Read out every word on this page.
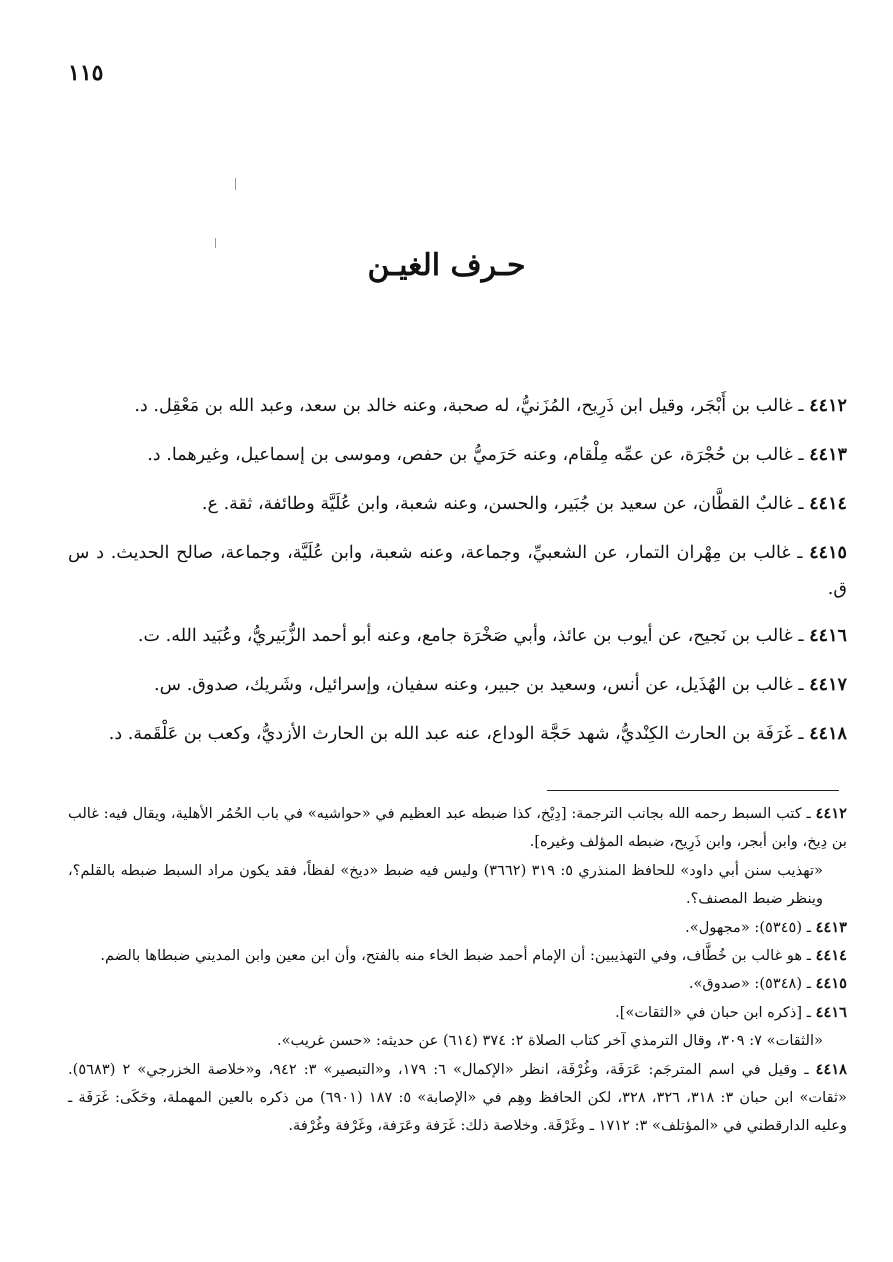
١١٥
حـرف الغيـن
٤٤١٢ ـ غالب بن أَبْجَر، وقيل ابن ذَرِيح، المُزَنيُّ، له صحبة، وعنه خالد بن سعد، وعبد الله بن مَعْقِل. د.
٤٤١٣ ـ غالب بن حُجْرَة، عن عمِّه مِلْقام، وعنه حَرَميُّ بن حفص، وموسى بن إسماعيل، وغيرهما. د.
٤٤١٤ ـ غالبٌ القطَّان، عن سعيد بن جُبَير، والحسن، وعنه شعبة، وابن عُلَيَّة وطائفة، ثقة. ع.
٤٤١٥ ـ غالب بن مِهْران التمار، عن الشعبيِّ، وجماعة، وعنه شعبة، وابن عُلَيَّة، وجماعة، صالح الحديث. د س ق.
٤٤١٦ ـ غالب بن نَجيح، عن أيوب بن عائذ، وأبي صَخْرَة جامع، وعنه أبو أحمد الزُّبَيريُّ، وعُبَيد الله. ت.
٤٤١٧ ـ غالب بن الهُذَيل، عن أنس، وسعيد بن جبير، وعنه سفيان، وإسرائيل، وشَريك، صدوق. س.
٤٤١٨ ـ غَرَفَة بن الحارث الكِنْديُّ، شهد حَجَّة الوداع، عنه عبد الله بن الحارث الأزديُّ، وكعب بن عَلْقَمة. د.
٤٤١٢ ـ كتب السبط رحمه الله بجانب الترجمة: [دِيْخ، كذا ضبطه عبد العظيم في «حواشيه» في باب الحُمُر الأهلية، ويقال فيه: غالب بن دِيخ، وابن أبجر، وابن ذَرِيح، ضبطه المؤلف وغيره].
«تهذيب سنن أبي داود» للحافظ المنذري ٥: ٣١٩ (٣٦٦٢) وليس فيه ضبط «ديخ» لفظاً، فقد يكون مراد السبط ضبطه بالقلم؟، وينظر ضبط المصنف؟.
٤٤١٣ ـ (٥٣٤٥): «مجهول».
٤٤١٤ ـ هو غالب بن خُطَّاف، وفي التهذيبين: أن الإمام أحمد ضبط الخاء منه بالفتح، وأن ابن معين وابن المديني ضبطاها بالضم.
٤٤١٥ ـ (٥٣٤٨): «صدوق».
٤٤١٦ ـ [ذكره ابن حبان في «الثقات»].
«الثقات» ٧: ٣٠٩، وقال الترمذي آخر كتاب الصلاة ٢: ٣٧٤ (٦١٤) عن حديثه: «حسن غريب».
٤٤١٨ ـ وقيل في اسم المترجَم: عَرَفَة، وغُرْفَة، انظر «الإكمال» ٦: ١٧٩، و«التبصير» ٣: ٩٤٢، و«خلاصة الخزرجي» ٢ (٥٦٨٣). «ثقات» ابن حبان ٣: ٣١٨، ٣٢٦، ٣٢٨، لكن الحافظ وهِم في «الإصابة» ٥: ١٨٧ (٦٩٠١) من ذكره بالعين المهملة، وحَكَى: غَرَفَة ـ وعليه الدارقطني في «المؤتلف» ٣: ١٧١٢ ـ وغَرْفَة. وخلاصة ذلك: غَرَفة وعَرَفة، وغَرْفة وغُرْفة.
